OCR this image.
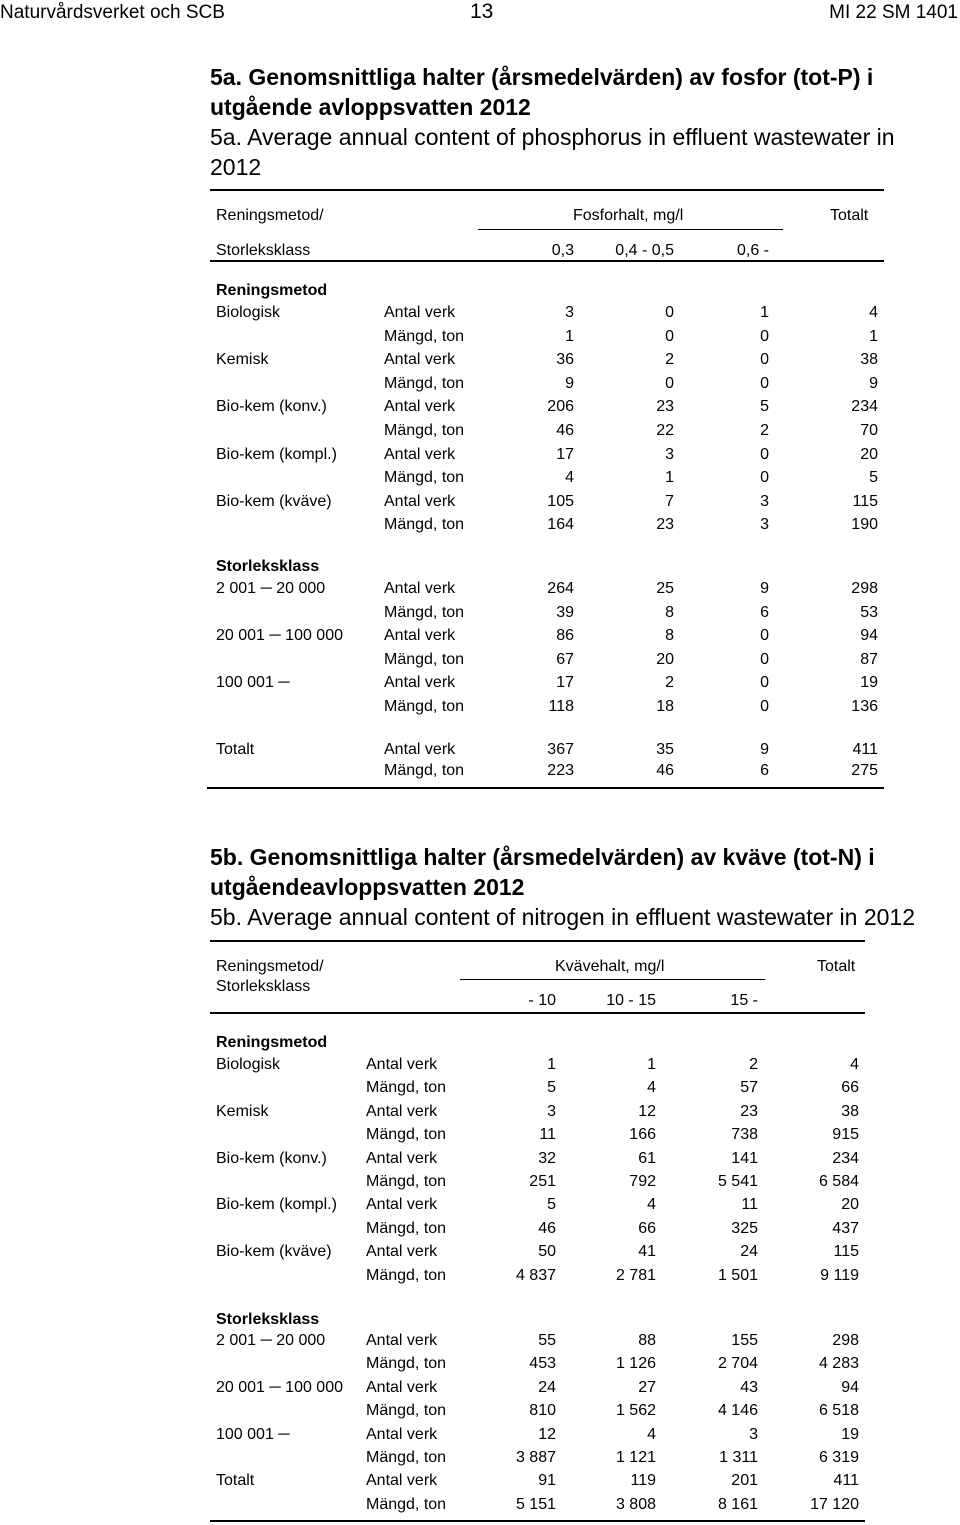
Naturvårdsverket och SCB	13	MI 22 SM 1401
5a. Genomsnittliga halter (årsmedelvärden) av fosfor (tot-P) i utgående avloppsvatten 2012
5a. Average annual content of phosphorus in effluent wastewater in 2012
Reningsmetod/	Fosforhalt, mg/l	Totalt
Storleksklass	0,3	0,4 - 0,5	0,6 -
Reningsmetod
Biologisk	Antal verk	3	0	1	4
Mängd, ton	1	0	0	1
Kemisk	Antal verk	36	2	0	38
Mängd, ton	9	0	0	9
Bio-kem (konv.)	Antal verk	206	23	5	234
Mängd, ton	46	22	2	70
Bio-kem (kompl.)	Antal verk	17	3	0	20
Mängd, ton	4	1	0	5
Bio-kem (kväve)	Antal verk	105	7	3	115
Mängd, ton	164	23	3	190
Storleksklass
2 001 ─ 20 000	Antal verk	264	25	9	298
Mängd, ton	39	8	6	53
20 001 ─ 100 000	Antal verk	86	8	0	94
Mängd, ton	67	20	0	87
100 001 ─	Antal verk	17	2	0	19
Mängd, ton	118	18	0	136
Totalt	Antal verk	367	35	9	411
Mängd, ton	223	46	6	275
5b. Genomsnittliga halter (årsmedelvärden) av kväve (tot-N) i utgåendeavloppsvatten 2012
5b. Average annual content of nitrogen in effluent wastewater in 2012
Reningsmetod/
Storleksklass
Kvävehalt, mg/l	Totalt
- 10	10 - 15	15 -
Reningsmetod
Biologisk	Antal verk	1	1	2	4
Mängd, ton	5	4	57	66
Kemisk	Antal verk	3	12	23	38
Mängd, ton	11	166	738	915
Bio-kem (konv.) Antal verk	32	61	141	234
Mängd, ton	251	792	5 541	6 584
Bio-kem (kompl.) Antal verk	5	4	11	20
Mängd, ton	46	66	325	437
Bio-kem (kväve) Antal verk	50	41	24	115
Mängd, ton	4 837	2 781	1 501	9 119
Storleksklass
2 001 ─ 20 000	Antal verk	55	88	155	298
Mängd, ton	453	1 126	2 704	4 283
20 001 ─ 100 000 Antal verk	24	27	43	94
Mängd, ton	810	1 562	4 146	6 518
100 001 ─	Antal verk	12	4	3	19
Mängd, ton	3 887	1 121	1 311	6 319
Totalt	Antal verk	91	119	201	411
Mängd, ton	5 151	3 808	8 161	17 120
